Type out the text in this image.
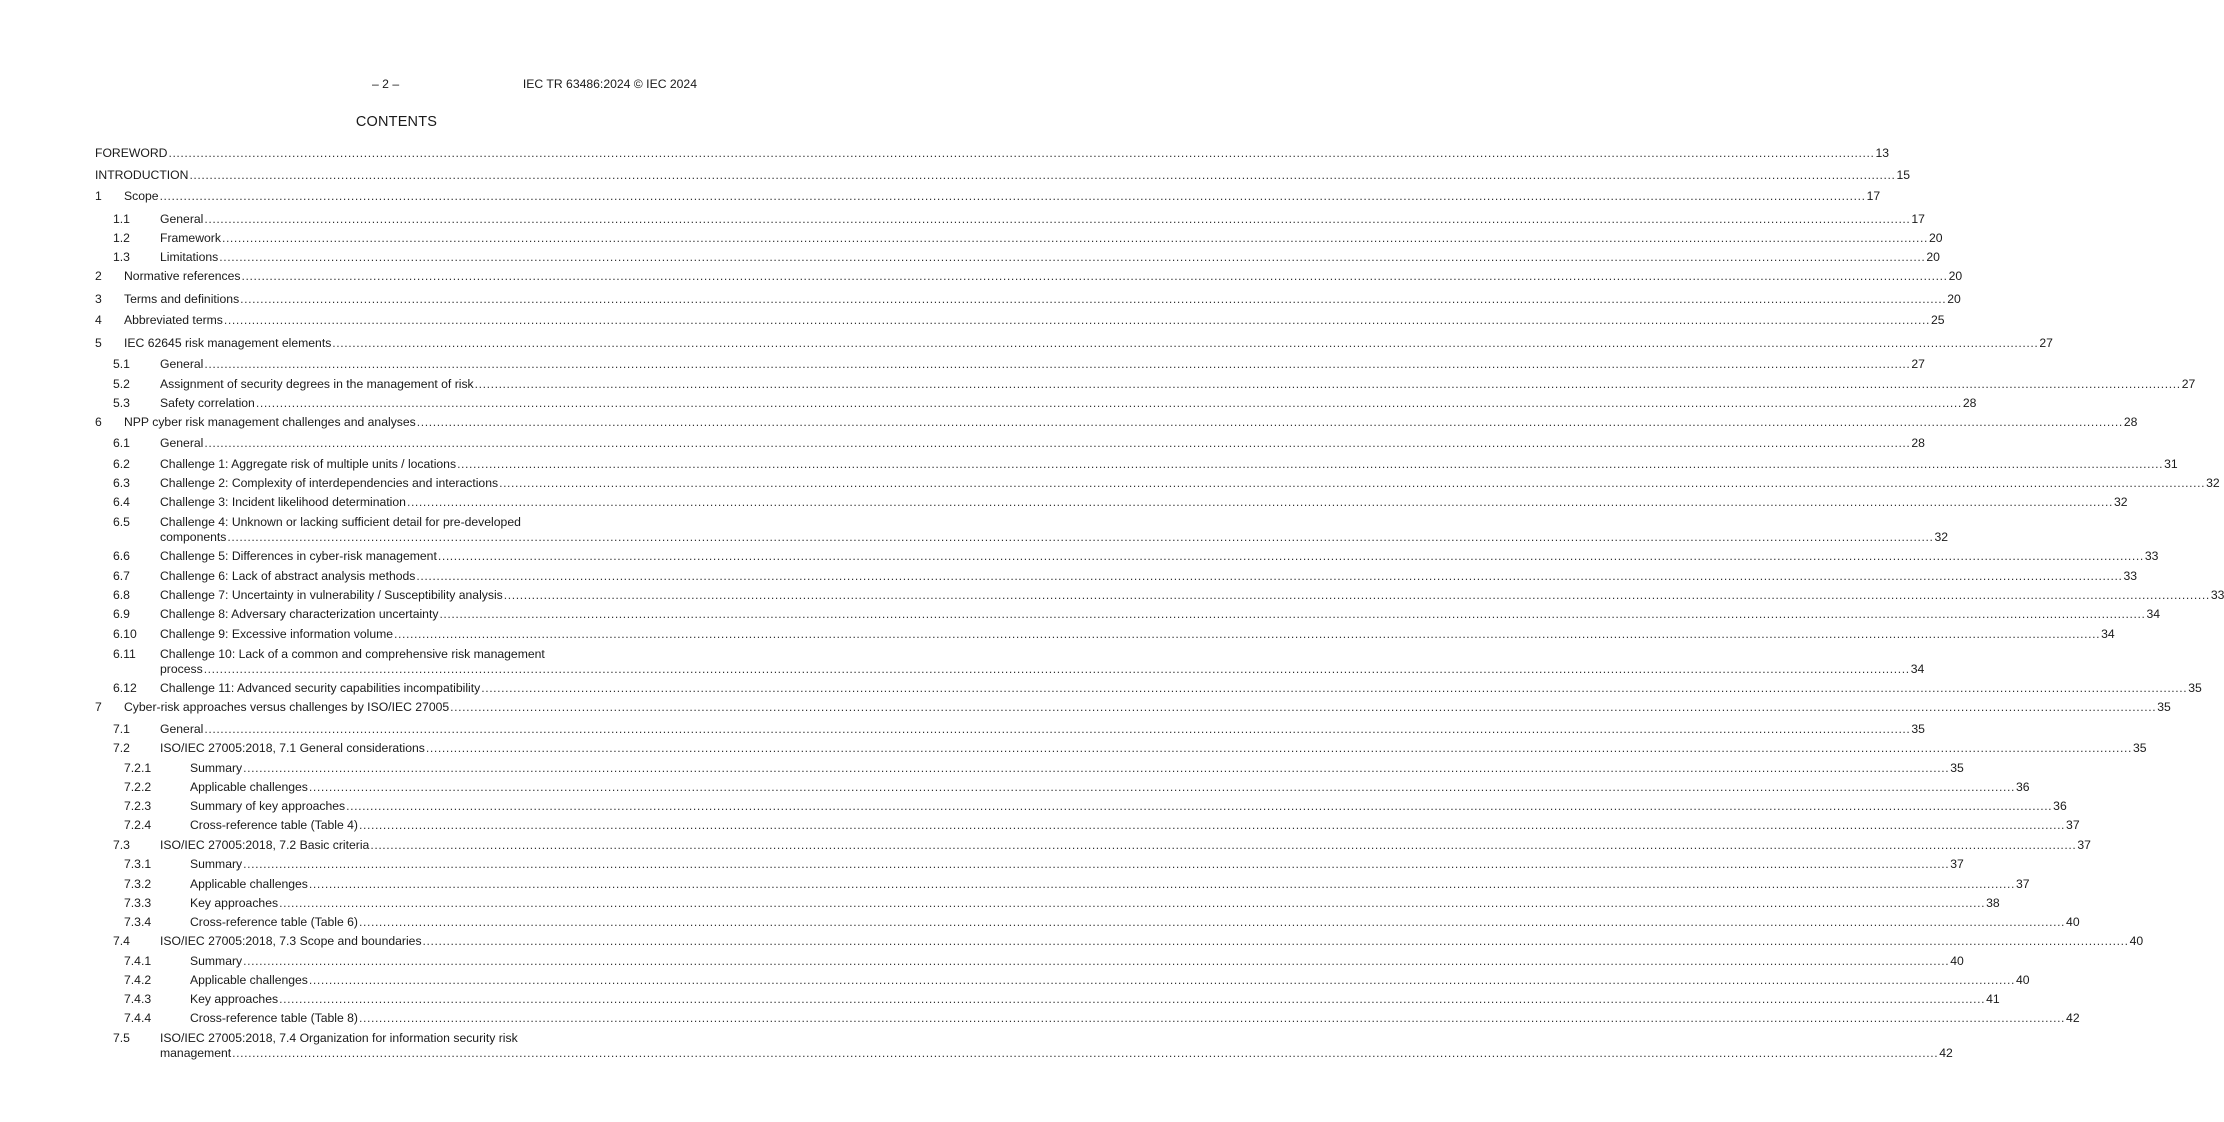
– 2 –	IEC TR 63486:2024 © IEC 2024
CONTENTS
FOREWORD .....	13
INTRODUCTION .....	15
1	Scope .....	17
1.1	General .....	17
1.2	Framework .....	20
1.3	Limitations .....	20
2	Normative references .....	20
3	Terms and definitions .....	20
4	Abbreviated terms .....	25
5	IEC 62645 risk management elements .....	27
5.1	General .....	27
5.2	Assignment of security degrees in the management of risk .....	27
5.3	Safety correlation .....	28
6	NPP cyber risk management challenges and analyses .....	28
6.1	General .....	28
6.2	Challenge 1: Aggregate risk of multiple units / locations .....	31
6.3	Challenge 2: Complexity of interdependencies and interactions .....	32
6.4	Challenge 3: Incident likelihood determination .....	32
6.5 Challenge 4: Unknown or lacking sufficient detail for pre-developed
components .....	32
6.6	Challenge 5: Differences in cyber-risk management .....	33
6.7	Challenge 6: Lack of abstract analysis methods .....	33
6.8	Challenge 7: Uncertainty in vulnerability / Susceptibility analysis .....	33
6.9	Challenge 8: Adversary characterization uncertainty .....	34
6.10	Challenge 9: Excessive information volume .....	34
6.11 Challenge 10: Lack of a common and comprehensive risk management
process .....	34
6.12	Challenge 11: Advanced security capabilities incompatibility .....	35
7	Cyber-risk approaches versus challenges by ISO/IEC 27005 .....	35
7.1	General .....	35
7.2	ISO/IEC 27005:2018, 7.1 General considerations .....	35
7.2.1	Summary .....	35
7.2.2	Applicable challenges .....	36
7.2.3	Summary of key approaches .....	36
7.2.4	Cross-reference table (Table 4) .....	37
7.3	ISO/IEC 27005:2018, 7.2 Basic criteria .....	37
7.3.1	Summary .....	37
7.3.2	Applicable challenges .....	37
7.3.3	Key approaches .....	38
7.3.4	Cross-reference table (Table 6) .....	40
7.4	ISO/IEC 27005:2018, 7.3 Scope and boundaries .....	40
7.4.1	Summary .....	40
7.4.2	Applicable challenges .....	40
7.4.3	Key approaches .....	41
7.4.4	Cross-reference table (Table 8) .....	42
7.5 ISO/IEC 27005:2018, 7.4 Organization for information security risk
management .....	42
